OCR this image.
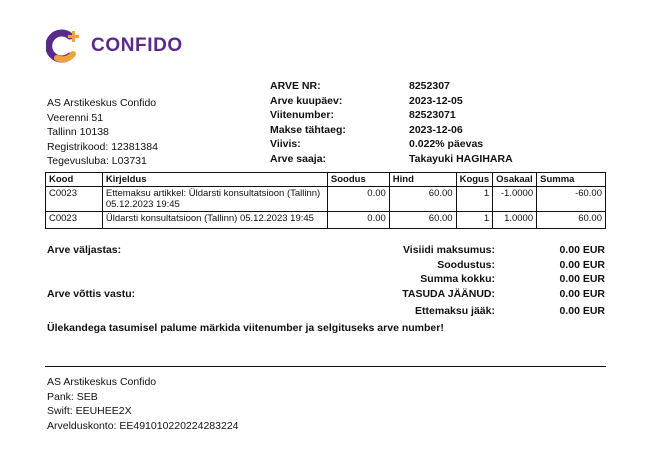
CONFIDO
AS Arstikeskus Confido
Veerenni 51
Tallinn 10138
Registrikood: 12381384
Tegevusluba: L03731
ARVE NR:	8252307
Arve kuupäev:	2023-12-05
Viitenumber:	82523071
Makse tähtaeg:	2023-12-06
Viivis:	0.022% päevas
Arve saaja:	Takayuki HAGIHARA
Kood	Kirjeldus	Soodus	Hind	Kogus	Osakaal	Summa
C0023	Ettemaksu artikkel: Üldarsti konsultatsioon (Tallinn) 05.12.2023 19:45	0.00	60.00	1	-1.0000	-60.00
C0023	Üldarsti konsultatsioon (Tallinn) 05.12.2023 19:45	0.00	60.00	1	1.0000	60.00
Arve väljastas:
Arve võttis vastu:
Visiidi maksumus:	0.00 EUR
Soodustus:	0.00 EUR
Summa kokku:	0.00 EUR
TASUDA JÄÄNUD:	0.00 EUR
Ettemaksu jääk:	0.00 EUR
Ülekandega tasumisel palume märkida viitenumber ja selgituseks arve number!
AS Arstikeskus Confido
Pank: SEB
Swift: EEUHEE2X
Arvelduskonto: EE491010220224283224
